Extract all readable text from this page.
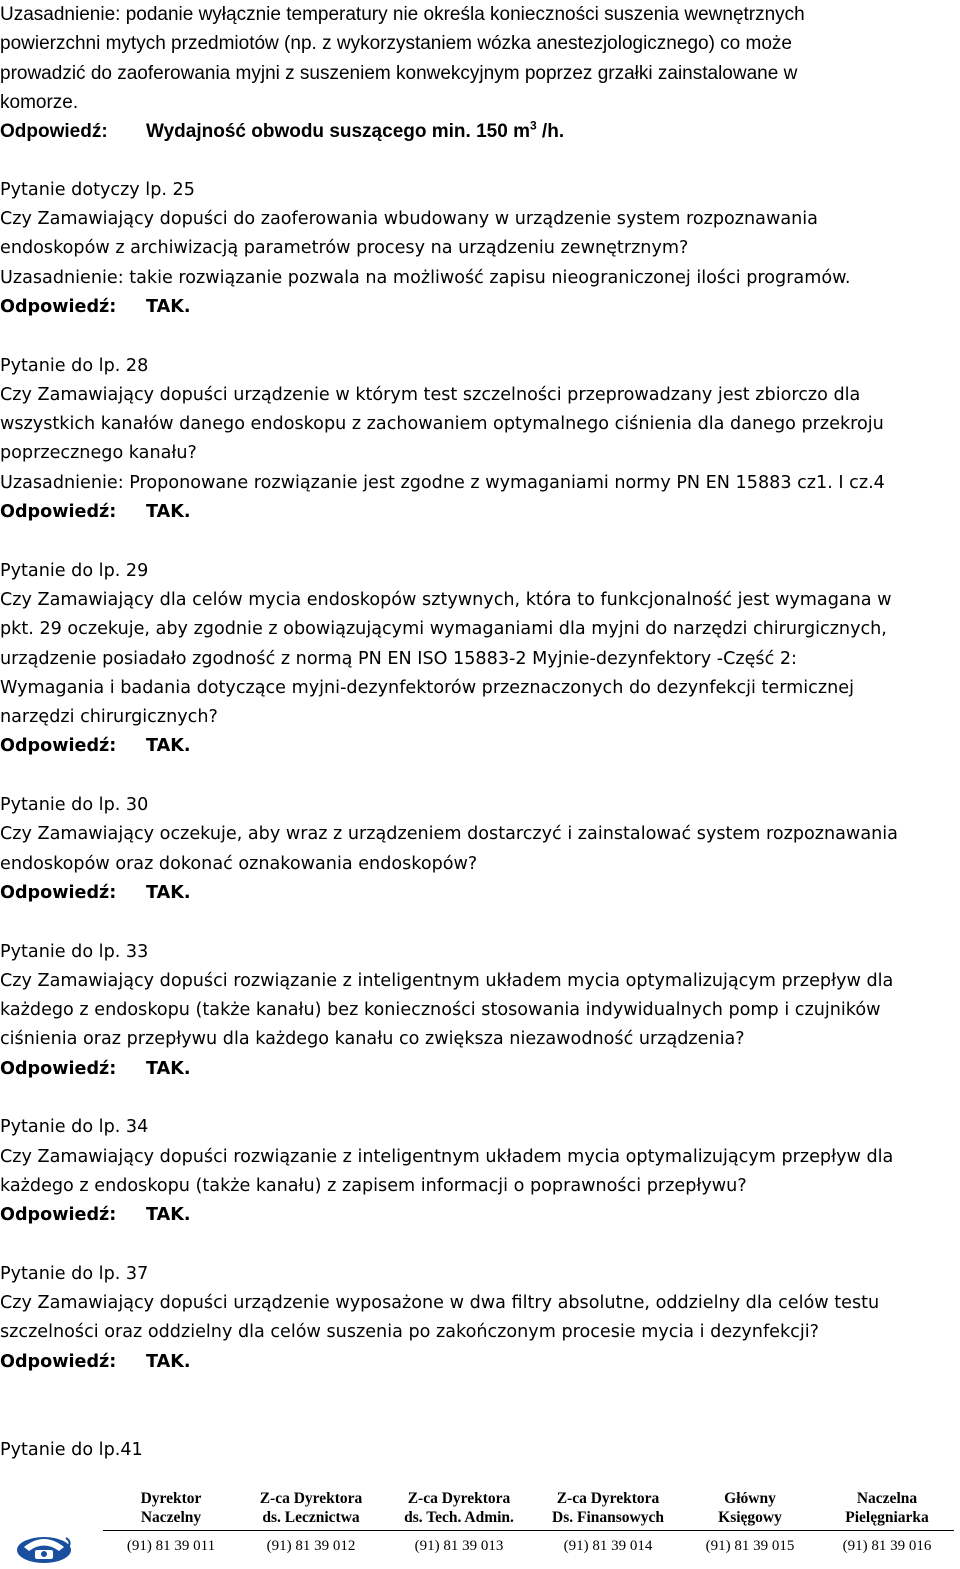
Uzasadnienie: podanie wyłącznie temperatury nie określa konieczności suszenia wewnętrznych

powierzchni mytych przedmiotów (np. z wykorzystaniem wózka anestezjologicznego) co może

prowadzić do zaoferowania myjni z suszeniem konwekcyjnym poprzez grzałki zainstalowane w

komorze.

Odpowiedź: Wydajność obwodu suszącego min. 150 $m^3$ /h.

Pytanie dotyczy lp. 25

Czy Zamawiający dopuści do zaoferowania wbudowany w urządzenie system rozpoznawania

endoskopów z archiwizacją parametrów procesy na urządzeniu zewnętrznym?

Uzasadnienie: takie rozwiązanie pozwala na możliwość zapisu nieograniczonej ilości programów.

Odpowiedź: TAK.

Pytanie do lp. 28

Czy Zamawiający dopuści urządzenie w którym test szczelności przeprowadzany jest zbiorczo dla

wszystkich kanałów danego endoskopu z zachowaniem optymalnego ciśnienia dla danego przekroju

poprzecznego kanału?

Uzasadnienie: Proponowane rozwiązanie jest zgodne z wymaganiami normy PN EN 15883 cz1. I cz.4

Odpowiedź: TAK.

Pytanie do lp. 29

Czy Zamawiający dla celów mycia endoskopów sztywnych, która to funkcjonalność jest wymagana w

pkt. 29 oczekuje, aby zgodnie z obowiązującymi wymaganiami dla myjni do narzędzi chirurgicznych,

urządzenie posiadało zgodność z normą PN EN ISO 15883-2 Myjnie-dezynfektory -Część 2:

Wymagania i badania dotyczące myjni-dezynfektorów przeznaczonych do dezynfekcji termicznej

narzędzi chirurgicznych?

Odpowiedź: TAK.

Pytanie do lp. 30

Czy Zamawiający oczekuje, aby wraz z urządzeniem dostarczyć i zainstalować system rozpoznawania

endoskopów oraz dokonać oznakowania endoskopów?

Odpowiedź: TAK.

Pytanie do lp. 33

Czy Zamawiający dopuści rozwiązanie z inteligentnym układem mycia optymalizującym przepływ dla

każdego z endoskopu (także kanału) bez konieczności stosowania indywidualnych pomp i czujników

ciśnienia oraz przepływu dla każdego kanału co zwiększa niezawodność urządzenia?

Odpowiedź: TAK.

Pytanie do lp. 34

Czy Zamawiający dopuści rozwiązanie z inteligentnym układem mycia optymalizującym przepływ dla

każdego z endoskopu (także kanału) z zapisem informacji o poprawności przepływu?

Odpowiedź: TAK.

Pytanie do lp. 37

Czy Zamawiający dopuści urządzenie wyposażone w dwa filtry absolutne, oddzielny dla celów testu

szczelności oraz oddzielny dla celów suszenia po zakończonym procesie mycia i dezynfekcji?

Odpowiedź: TAK.

Pytanie do lp.41

Dyrektor
Naczelny
(91) 81 39 011
Z-ca Dyrektora
ds. Lecznictwa
(91) 81 39 012
Z-ca Dyrektora
ds. Tech. Admin.
(91) 81 39 013
Z-ca Dyrektora
Ds. Finansowych
(91) 81 39 014
Główny
Księgowy
(91) 81 39 015
Naczelna
Pielęgniarka
(91) 81 39 016
